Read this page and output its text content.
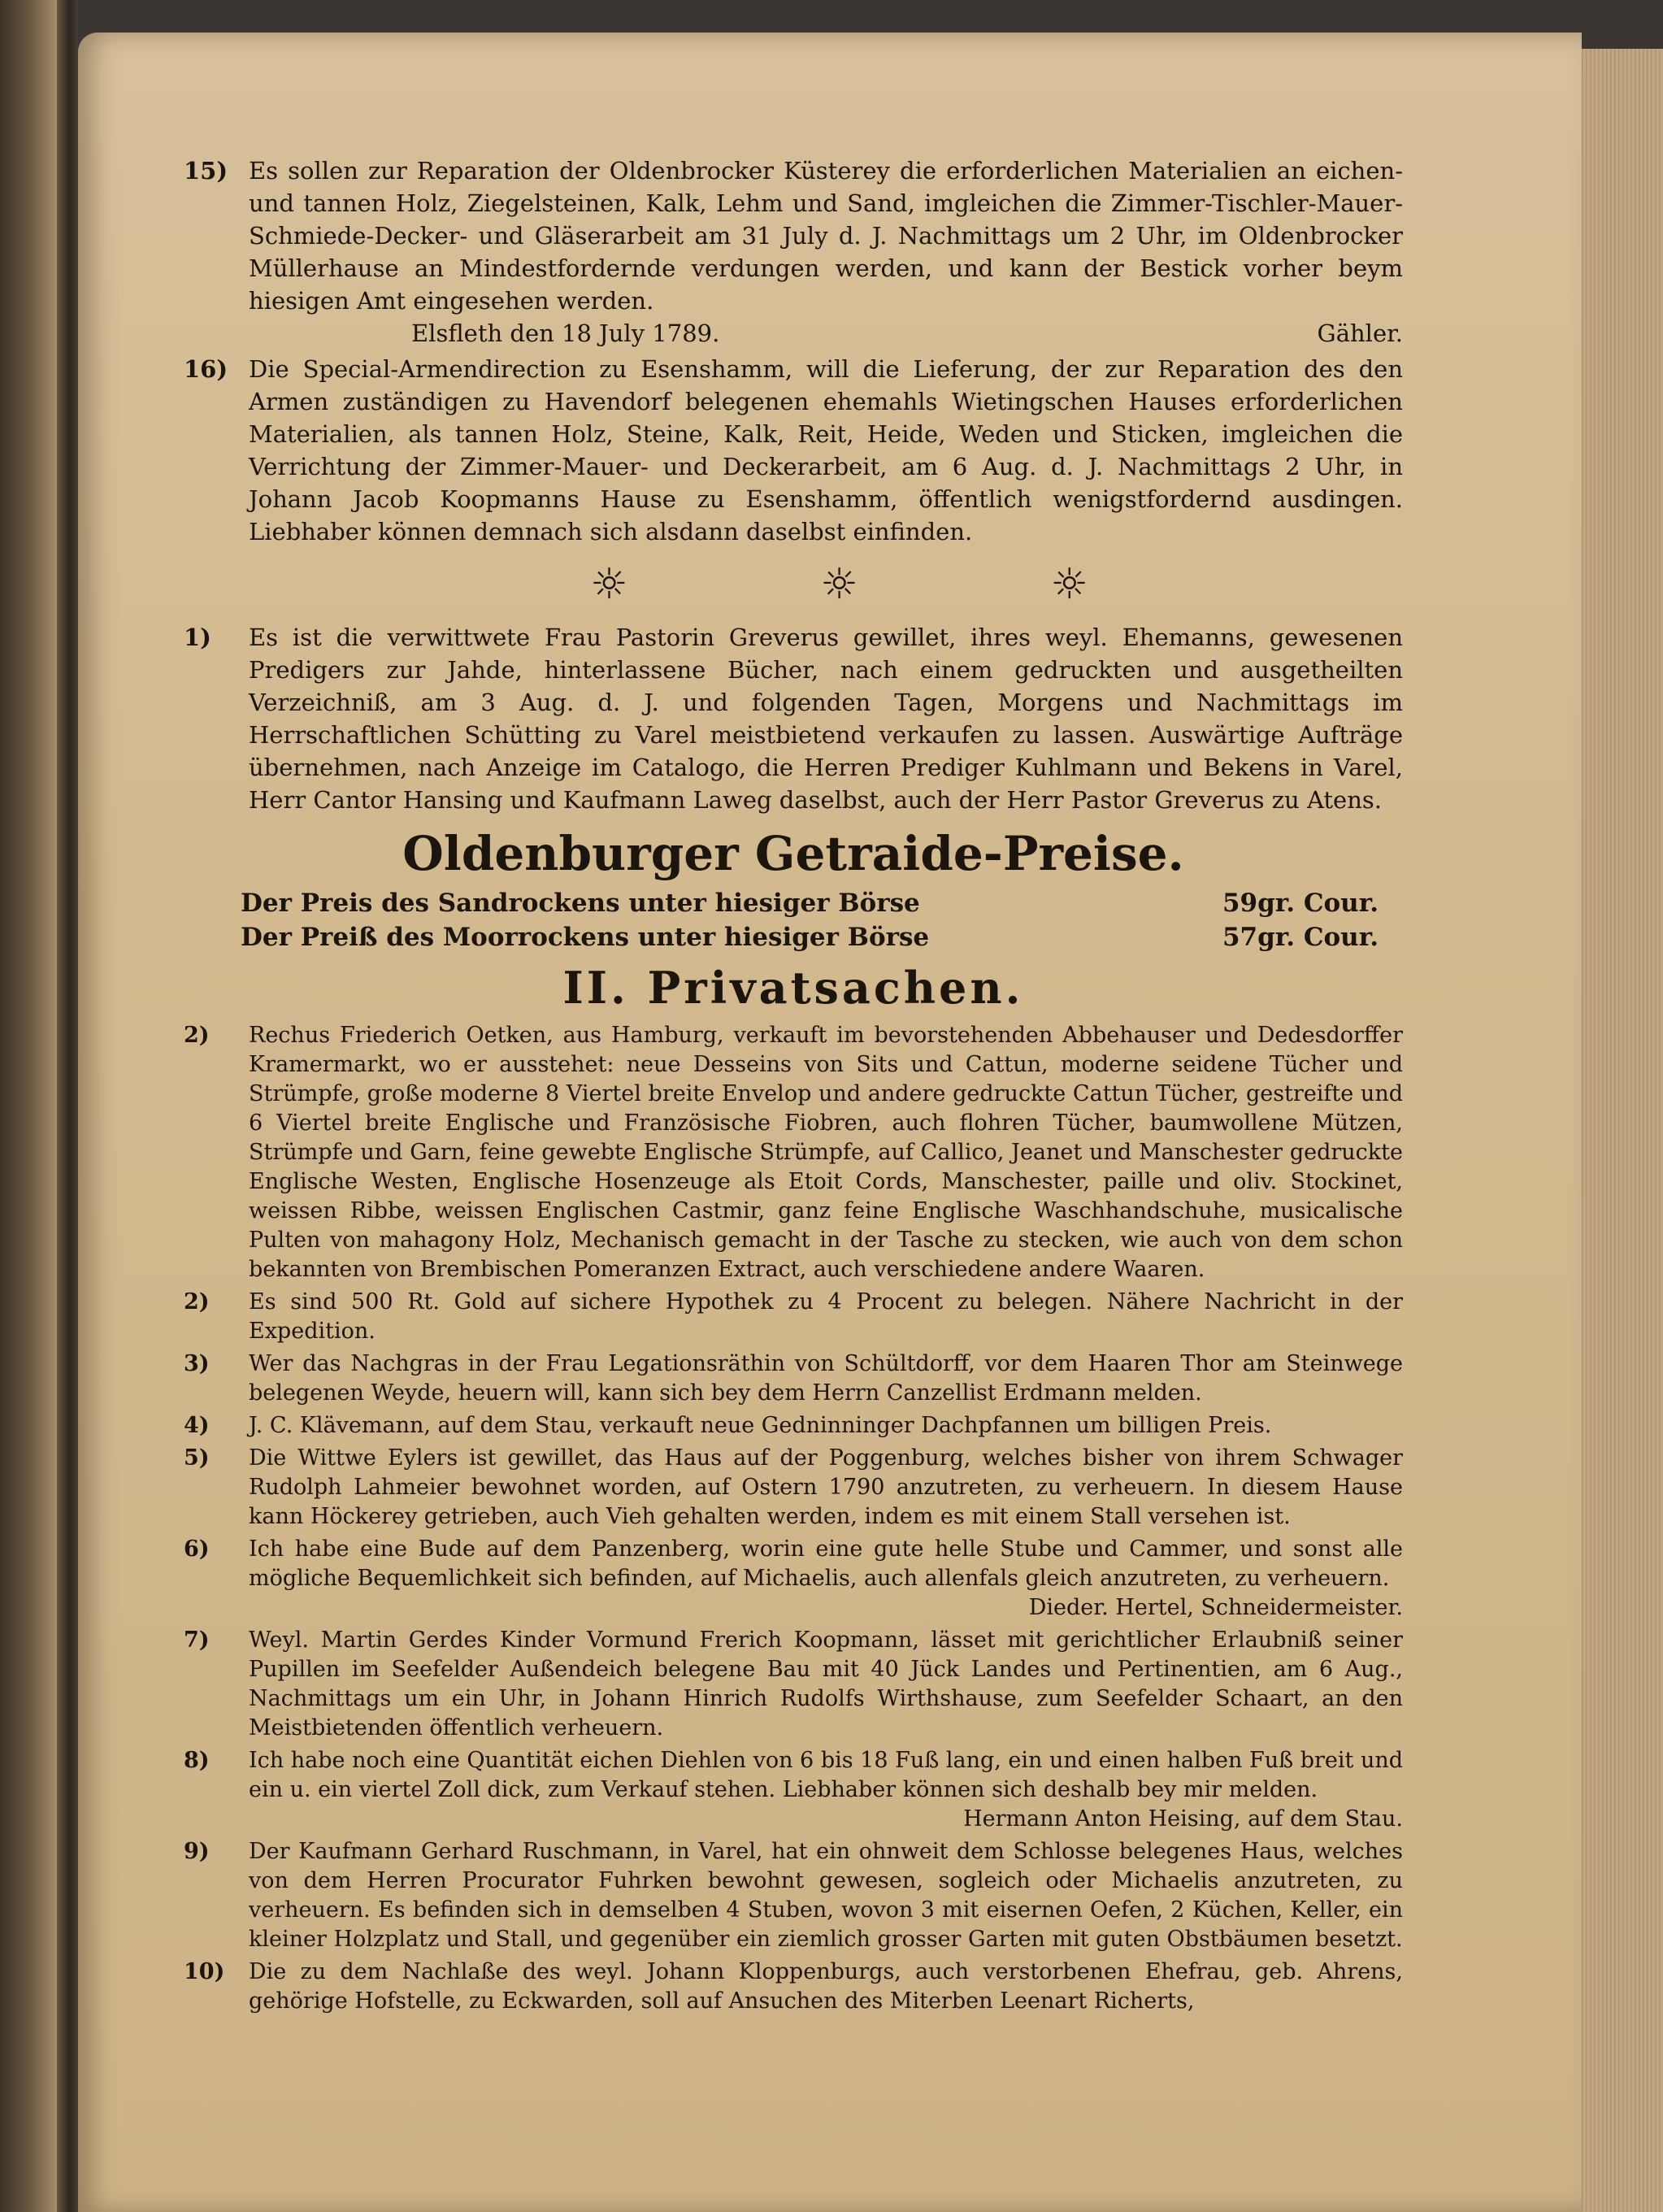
15) Es sollen zur Reparation der Oldenbrocker Küsterey die erforderlichen Materialien an eichen- und tannen Holz, Ziegelsteinen, Kalk, Lehm und Sand, imgleichen die Zimmer-Tischler-Mauer-Schmiede-Decker- und Gläserarbeit am 31 July d. J. Nachmittags um 2 Uhr, im Oldenbrocker Müllerhause an Mindestfordernde verdungen werden, und kann der Bestick vorher beym hiesigen Amt eingesehen werden.

Elsfleth den 18 July 1789.	Gähler.
16) Die Special-Armendirection zu Esenshamm, will die Lieferung, der zur Reparation des den Armen zuständigen zu Havendorf belegenen ehemahls Wietingschen Hauses erforderlichen Materialien, als tannen Holz, Steine, Kalk, Reit, Heide, Weden und Sticken, imgleichen die Verrichtung der Zimmer-Mauer- und Deckerarbeit, am 6 Aug. d. J. Nachmittags 2 Uhr, in Johann Jacob Koopmanns Hause zu Esenshamm, öffentlich wenigstfordernd ausdingen. Liebhaber können demnach sich alsdann daselbst einfinden.

☼ ☼ ☼
1)	Es ist die verwittwete Frau Pastorin Greverus gewillet, ihres weyl. Ehemanns, gewesenen Predigers zur Jahde, hinterlassene Bücher, nach einem gedruckten und ausgetheilten Verzeichniß, am 3 Aug. d. J. und folgenden Tagen, Morgens und Nachmittags im Herrschaftlichen Schütting zu Varel meistbietend verkaufen zu lassen. Auswärtige Aufträge übernehmen, nach Anzeige im Catalogo, die Herren Prediger Kuhlmann und Bekens in Varel, Herr Cantor Hansing und Kaufmann Laweg daselbst, auch der Herr Pastor Greverus zu Atens.

Oldenburger Getraide-Preise.
Der Preis des Sandrockens unter hiesiger Börse	59gr. Cour.
Der Preiß des Moorrockens unter hiesiger Börse	57gr. Cour.
II. Privatsachen.
2)	Rechus Friederich Oetken, aus Hamburg, verkauft im bevorstehenden Abbehauser und Dedesdorffer Kramermarkt, wo er ausstehet: neue Desseins von Sits und Cattun, moderne seidene Tücher und Strümpfe, große moderne 8 Viertel breite Envelop und andere gedruckte Cattun Tücher, gestreifte und 6 Viertel breite Englische und Französische Fiobren, auch flohren Tücher, baumwollene Mützen, Strümpfe und Garn, feine gewebte Englische Strümpfe, auf Callico, Jeanet und Manschester gedruckte Englische Westen, Englische Hosenzeuge als Etoit Cords, Manschester, paille und oliv. Stockinet, weissen Ribbe, weissen Englischen Castmir, ganz feine Englische Waschhandschuhe, musicalische Pulten von mahagony Holz, Mechanisch gemacht in der Tasche zu stecken, wie auch von dem schon bekannten von Brembischen Pomeranzen Extract, auch verschiedene andere Waaren.

2)	Es sind 500 Rt. Gold auf sichere Hypothek zu 4 Procent zu belegen. Nähere Nachricht in der Expedition.

3)	Wer das Nachgras in der Frau Legationsräthin von Schültdorff, vor dem Haaren Thor am Steinwege belegenen Weyde, heuern will, kann sich bey dem Herrn Canzellist Erdmann melden.

4)	J. C. Klävemann, auf dem Stau, verkauft neue Gedninninger Dachpfannen um billigen Preis.

5)	Die Wittwe Eylers ist gewillet, das Haus auf der Poggenburg, welches bisher von ihrem Schwager Rudolph Lahmeier bewohnet worden, auf Ostern 1790 anzutreten, zu verheuern. In diesem Hause kann Höckerey getrieben, auch Vieh gehalten werden, indem es mit einem Stall versehen ist.

6)	Ich habe eine Bude auf dem Panzenberg, worin eine gute helle Stube und Cammer, und sonst alle mögliche Bequemlichkeit sich befinden, auf Michaelis, auch allenfals gleich anzutreten, zu verheuern.

Dieder. Hertel, Schneidermeister.
7)	Weyl. Martin Gerdes Kinder Vormund Frerich Koopmann, lässet mit gerichtlicher Erlaubniß seiner Pupillen im Seefelder Außendeich belegene Bau mit 40 Jück Landes und Pertinentien, am 6 Aug., Nachmittags um ein Uhr, in Johann Hinrich Rudolfs Wirthshause, zum Seefelder Schaart, an den Meistbietenden öffentlich verheuern.

8)	Ich habe noch eine Quantität eichen Diehlen von 6 bis 18 Fuß lang, ein und einen halben Fuß breit und ein u. ein viertel Zoll dick, zum Verkauf stehen. Liebhaber können sich deshalb bey mir melden.

Hermann Anton Heising, auf dem Stau.
9)	Der Kaufmann Gerhard Ruschmann, in Varel, hat ein ohnweit dem Schlosse belegenes Haus, welches von dem Herren Procurator Fuhrken bewohnt gewesen, sogleich oder Michaelis anzutreten, zu verheuern. Es befinden sich in demselben 4 Stuben, wovon 3 mit eisernen Oefen, 2 Küchen, Keller, ein kleiner Holzplatz und Stall, und gegenüber ein ziemlich grosser Garten mit guten Obstbäumen besetzt.

10)	Die zu dem Nachlaße des weyl. Johann Kloppenburgs, auch verstorbenen Ehefrau, geb. Ahrens, gehörige Hofstelle, zu Eckwarden, soll auf Ansuchen des Miterben Leenart Richerts,
